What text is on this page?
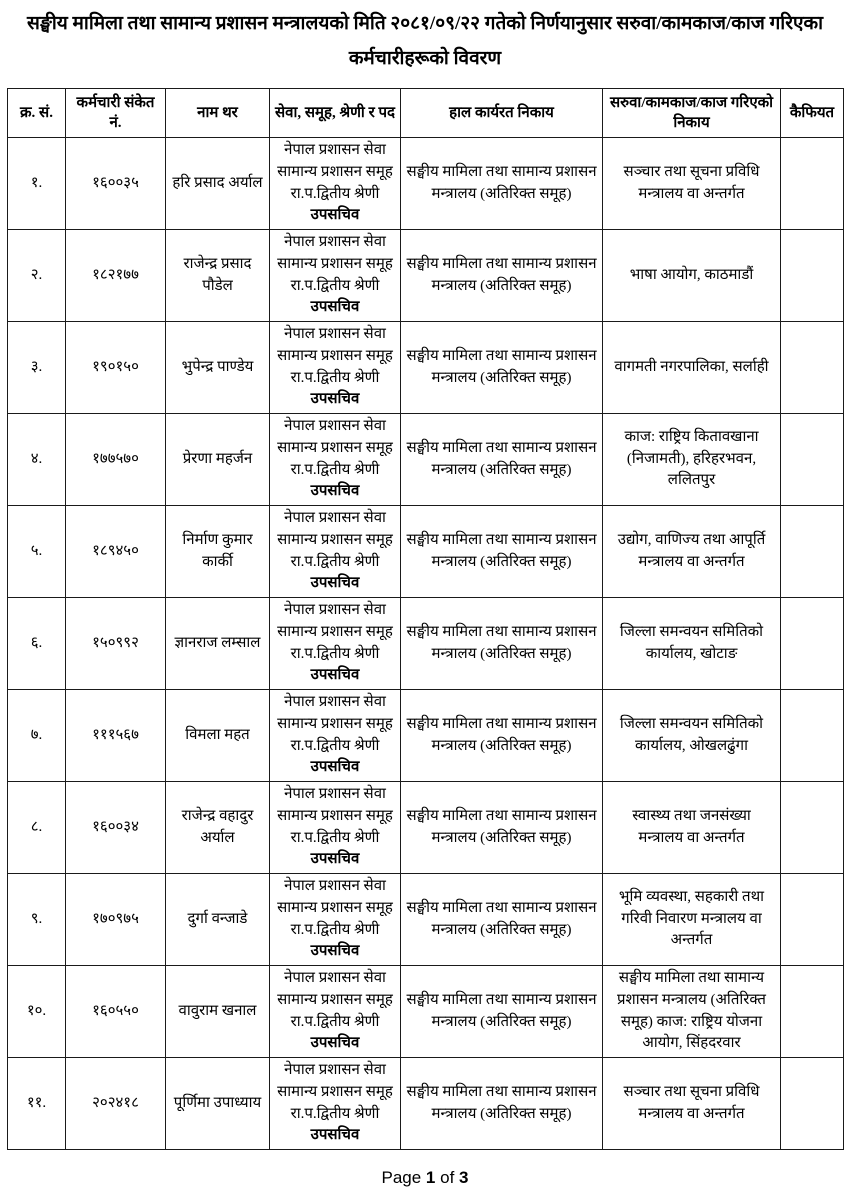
सङ्घीय मामिला तथा सामान्य प्रशासन मन्त्रालयको मिति २०८१/०९/२२ गतेको निर्णयानुसार सरुवा/कामकाज/काज गरिएका कर्मचारीहरूको विवरण
क्र. सं.	कर्मचारी संकेत नं.	नाम थर	सेवा, समूह, श्रेणी र पद	हाल कार्यरत निकाय	सरुवा/कामकाज/काज गरिएको निकाय	कैफियत
१.	१६००३५	हरि प्रसाद अर्याल	नेपाल प्रशासन सेवा
सामान्य प्रशासन समूह
रा.प.द्वितीय श्रेणी
उपसचिव	सङ्घीय मामिला तथा सामान्य प्रशासन मन्त्रालय (अतिरिक्त समूह)	सञ्चार तथा सूचना प्रविधि मन्त्रालय वा अन्तर्गत	
२.	१८२१७७	राजेन्द्र प्रसाद पौडेल	नेपाल प्रशासन सेवा
सामान्य प्रशासन समूह
रा.प.द्वितीय श्रेणी
उपसचिव	सङ्घीय मामिला तथा सामान्य प्रशासन मन्त्रालय (अतिरिक्त समूह)	भाषा आयोग, काठमाडौं	
३.	१९०१५०	भुपेन्द्र पाण्डेय	नेपाल प्रशासन सेवा
सामान्य प्रशासन समूह
रा.प.द्वितीय श्रेणी
उपसचिव	सङ्घीय मामिला तथा सामान्य प्रशासन मन्त्रालय (अतिरिक्त समूह)	वागमती नगरपालिका, सर्लाही	
४.	१७७५७०	प्रेरणा महर्जन	नेपाल प्रशासन सेवा
सामान्य प्रशासन समूह
रा.प.द्वितीय श्रेणी
उपसचिव	सङ्घीय मामिला तथा सामान्य प्रशासन मन्त्रालय (अतिरिक्त समूह)	काज: राष्ट्रिय कितावखाना (निजामती), हरिहरभवन, ललितपुर	
५.	१८९४५०	निर्माण कुमार कार्की	नेपाल प्रशासन सेवा
सामान्य प्रशासन समूह
रा.प.द्वितीय श्रेणी
उपसचिव	सङ्घीय मामिला तथा सामान्य प्रशासन मन्त्रालय (अतिरिक्त समूह)	उद्योग, वाणिज्य तथा आपूर्ति मन्त्रालय वा अन्तर्गत	
६.	१५०९९२	ज्ञानराज लम्साल	नेपाल प्रशासन सेवा
सामान्य प्रशासन समूह
रा.प.द्वितीय श्रेणी
उपसचिव	सङ्घीय मामिला तथा सामान्य प्रशासन मन्त्रालय (अतिरिक्त समूह)	जिल्ला समन्वयन समितिको कार्यालय, खोटाङ	
७.	१११५६७	विमला महत	नेपाल प्रशासन सेवा
सामान्य प्रशासन समूह
रा.प.द्वितीय श्रेणी
उपसचिव	सङ्घीय मामिला तथा सामान्य प्रशासन मन्त्रालय (अतिरिक्त समूह)	जिल्ला समन्वयन समितिको कार्यालय, ओखलढुंगा	
८.	१६००३४	राजेन्द्र वहादुर अर्याल	नेपाल प्रशासन सेवा
सामान्य प्रशासन समूह
रा.प.द्वितीय श्रेणी
उपसचिव	सङ्घीय मामिला तथा सामान्य प्रशासन मन्त्रालय (अतिरिक्त समूह)	स्वास्थ्य तथा जनसंख्या मन्त्रालय वा अन्तर्गत	
९.	१७०९७५	दुर्गा वन्जाडे	नेपाल प्रशासन सेवा
सामान्य प्रशासन समूह
रा.प.द्वितीय श्रेणी
उपसचिव	सङ्घीय मामिला तथा सामान्य प्रशासन मन्त्रालय (अतिरिक्त समूह)	भूमि व्यवस्था, सहकारी तथा गरिवी निवारण मन्त्रालय वा अन्तर्गत	
१०.	१६०५५०	वावुराम खनाल	नेपाल प्रशासन सेवा
सामान्य प्रशासन समूह
रा.प.द्वितीय श्रेणी
उपसचिव	सङ्घीय मामिला तथा सामान्य प्रशासन मन्त्रालय (अतिरिक्त समूह)	सङ्घीय मामिला तथा सामान्य प्रशासन मन्त्रालय (अतिरिक्त समूह) काज: राष्ट्रिय योजना आयोग, सिंहदरवार	
११.	२०२४१८	पूर्णिमा उपाध्याय	नेपाल प्रशासन सेवा
सामान्य प्रशासन समूह
रा.प.द्वितीय श्रेणी
उपसचिव	सङ्घीय मामिला तथा सामान्य प्रशासन मन्त्रालय (अतिरिक्त समूह)	सञ्चार तथा सूचना प्रविधि मन्त्रालय वा अन्तर्गत	
Page 1 of 3
